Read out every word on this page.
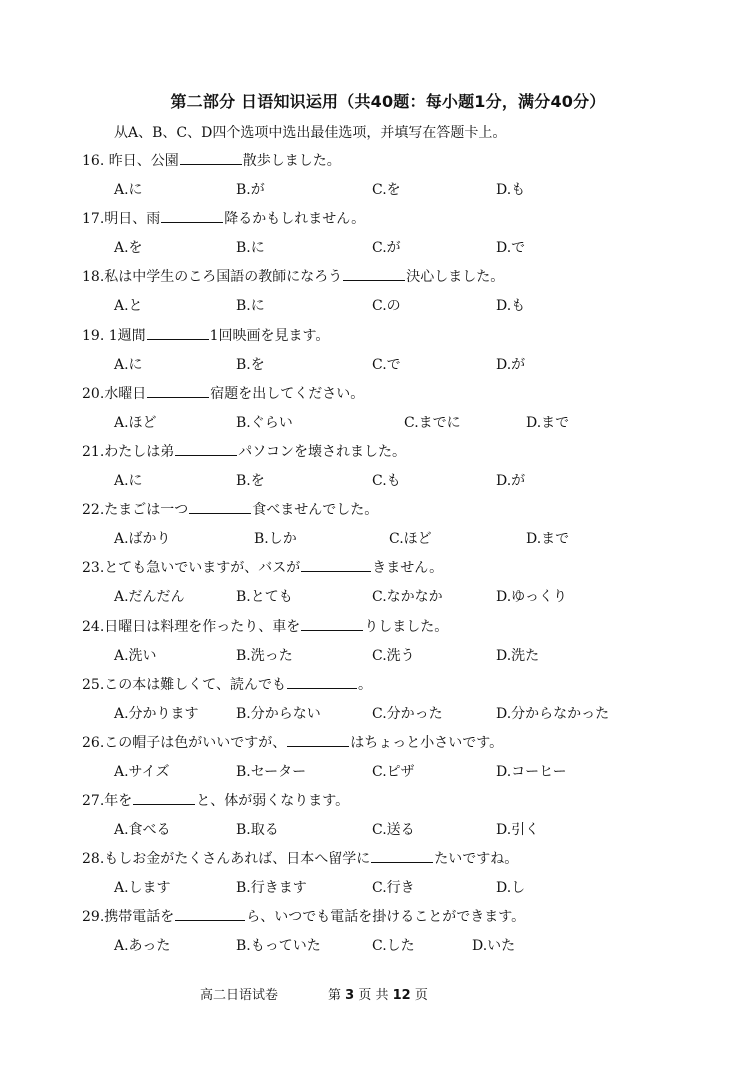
第二部分 日语知识运用（共40题：每小题1分，满分40分）
从A、B、C、D四个选项中选出最佳选项，并填写在答题卡上。
16. 昨日、公園	散歩しました。
A.に	B.が	C.を	D.も
17.明日、雨	降るかもしれません。
A.を	B.に	C.が	D.で
18.私は中学生のころ国語の教師になろう	決心しました。
A.と	B.に	C.の	D.も
19. 1週間	1回映画を見ます。
A.に	B.を	C.で	D.が
20.水曜日	宿題を出してください。
A.ほど	B.ぐらい	C.までに	D.まで
21.わたしは弟	パソコンを壊されました。
A.に	B.を	C.も	D.が
22.たまごは一つ	食べませんでした。
A.ばかり	B.しか	C.ほど	D.まで
23.とても急いでいますが、バスが	きません。
A.だんだん	B.とても	C.なかなか	D.ゆっくり
24.日曜日は料理を作ったり、車を	りしました。
A.洗い	B.洗った	C.洗う	D.洗た
25.この本は難しくて、読んでも	。
A.分かります	B.分からない	C.分かった	D.分からなかった
26.この帽子は色がいいですが、	はちょっと小さいです。
A.サイズ	B.セーター	C.ピザ	D.コーヒー
27.年を	と、体が弱くなります。
A.食べる	B.取る	C.送る	D.引く
28.もしお金がたくさんあれば、日本へ留学に	たいですね。
A.します	B.行きます	C.行き	D.し
29.携帯電話を	ら、いつでも電話を掛けることができます。
A.あった	B.もっていた	C.した	D.いた
高二日语试卷	第 3 页 共 12 页
